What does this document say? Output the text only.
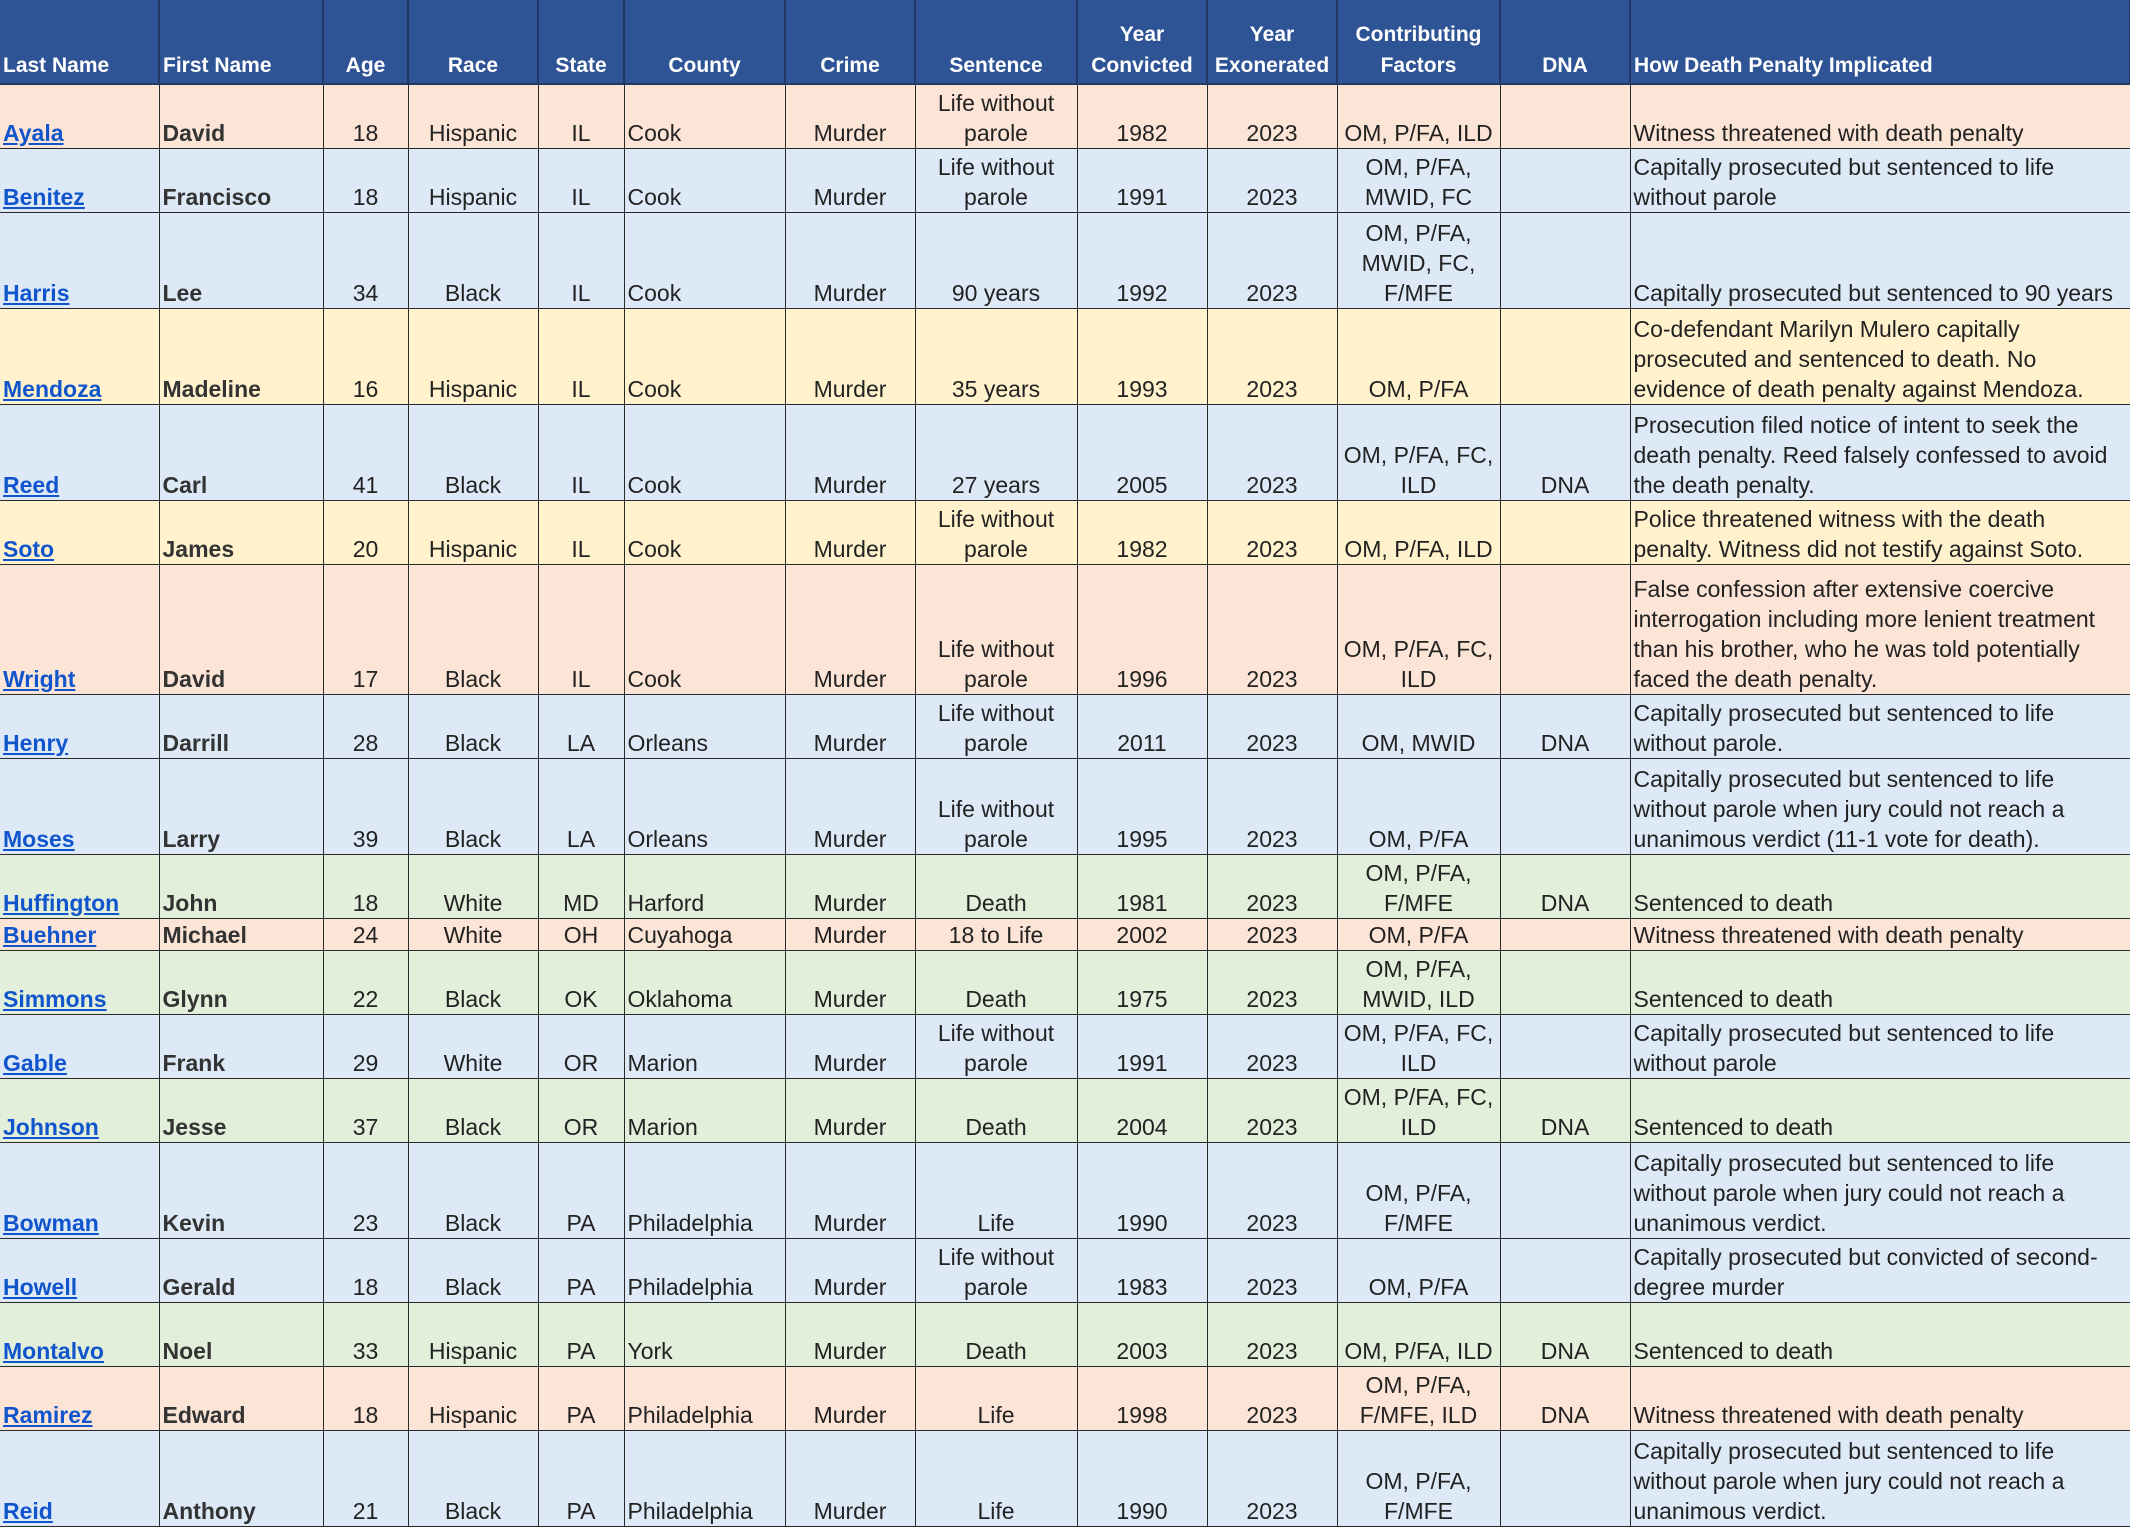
Last Name	First Name	Age	Race	State	County	Crime	Sentence	Year Convicted	Year Exonerated	Contributing Factors	DNA	How Death Penalty Implicated
Ayala	David	18	Hispanic	IL	Cook	Murder	Life without parole	1982	2023	OM, P/FA, ILD		Witness threatened with death penalty
Benitez	Francisco	18	Hispanic	IL	Cook	Murder	Life without parole	1991	2023	OM, P/FA, MWID, FC		Capitally prosecuted but sentenced to life without parole
Harris	Lee	34	Black	IL	Cook	Murder	90 years	1992	2023	OM, P/FA, MWID, FC, F/MFE		Capitally prosecuted but sentenced to 90 years
Mendoza	Madeline	16	Hispanic	IL	Cook	Murder	35 years	1993	2023	OM, P/FA		Co-defendant Marilyn Mulero capitally prosecuted and sentenced to death. No evidence of death penalty against Mendoza.
Reed	Carl	41	Black	IL	Cook	Murder	27 years	2005	2023	OM, P/FA, FC, ILD	DNA	Prosecution filed notice of intent to seek the death penalty. Reed falsely confessed to avoid the death penalty.
Soto	James	20	Hispanic	IL	Cook	Murder	Life without parole	1982	2023	OM, P/FA, ILD		Police threatened witness with the death penalty. Witness did not testify against Soto.
Wright	David	17	Black	IL	Cook	Murder	Life without parole	1996	2023	OM, P/FA, FC, ILD		False confession after extensive coercive interrogation including more lenient treatment than his brother, who he was told potentially faced the death penalty.
Henry	Darrill	28	Black	LA	Orleans	Murder	Life without parole	2011	2023	OM, MWID	DNA	Capitally prosecuted but sentenced to life without parole.
Moses	Larry	39	Black	LA	Orleans	Murder	Life without parole	1995	2023	OM, P/FA		Capitally prosecuted but sentenced to life without parole when jury could not reach a unanimous verdict (11-1 vote for death).
Huffington	John	18	White	MD	Harford	Murder	Death	1981	2023	OM, P/FA, F/MFE	DNA	Sentenced to death
Buehner	Michael	24	White	OH	Cuyahoga	Murder	18 to Life	2002	2023	OM, P/FA		Witness threatened with death penalty
Simmons	Glynn	22	Black	OK	Oklahoma	Murder	Death	1975	2023	OM, P/FA, MWID, ILD		Sentenced to death
Gable	Frank	29	White	OR	Marion	Murder	Life without parole	1991	2023	OM, P/FA, FC, ILD		Capitally prosecuted but sentenced to life without parole
Johnson	Jesse	37	Black	OR	Marion	Murder	Death	2004	2023	OM, P/FA, FC, ILD	DNA	Sentenced to death
Bowman	Kevin	23	Black	PA	Philadelphia	Murder	Life	1990	2023	OM, P/FA, F/MFE		Capitally prosecuted but sentenced to life without parole when jury could not reach a unanimous verdict.
Howell	Gerald	18	Black	PA	Philadelphia	Murder	Life without parole	1983	2023	OM, P/FA		Capitally prosecuted but convicted of second-degree murder
Montalvo	Noel	33	Hispanic	PA	York	Murder	Death	2003	2023	OM, P/FA, ILD	DNA	Sentenced to death
Ramirez	Edward	18	Hispanic	PA	Philadelphia	Murder	Life	1998	2023	OM, P/FA, F/MFE, ILD	DNA	Witness threatened with death penalty
Reid	Anthony	21	Black	PA	Philadelphia	Murder	Life	1990	2023	OM, P/FA, F/MFE		Capitally prosecuted but sentenced to life without parole when jury could not reach a unanimous verdict.
